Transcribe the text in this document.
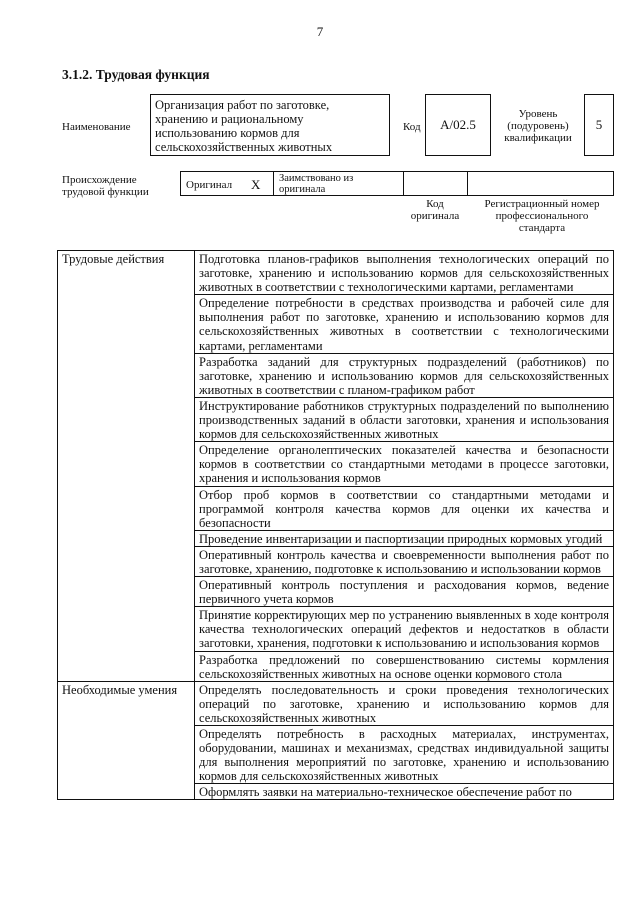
7
3.1.2. Трудовая функция
Наименование
Организация работ по заготовке, хранению и рациональному использованию кормов для сельскохозяйственных животных
Код A/02.5
Уровень (подуровень) квалификации
5
Происхождение трудовой функции
Оригинал X Заимствовано из оригинала
Код оригинала
Регистрационный номер профессионального стандарта
Трудовые действия	Подготовка планов-графиков выполнения технологических операций по заготовке, хранению и использованию кормов для сельскохозяйственных животных в соответствии с технологическими картами, регламентами
	Определение потребности в средствах производства и рабочей силе для выполнения работ по заготовке, хранению и использованию кормов для сельскохозяйственных животных в соответствии с технологическими картами, регламентами
	Разработка заданий для структурных подразделений (работников) по заготовке, хранению и использованию кормов для сельскохозяйственных животных в соответствии с планом-графиком работ
	Инструктирование работников структурных подразделений по выполнению производственных заданий в области заготовки, хранения и использования кормов для сельскохозяйственных животных
	Определение органолептических показателей качества и безопасности кормов в соответствии со стандартными методами в процессе заготовки, хранения и использования кормов
	Отбор проб кормов в соответствии со стандартными методами и программой контроля качества кормов для оценки их качества и безопасности
	Проведение инвентаризации и паспортизации природных кормовых угодий
	Оперативный контроль качества и своевременности выполнения работ по заготовке, хранению, подготовке к использованию и использовании кормов
	Оперативный контроль поступления и расходования кормов, ведение первичного учета кормов
	Принятие корректирующих мер по устранению выявленных в ходе контроля качества технологических операций дефектов и недостатков в области заготовки, хранения, подготовки к использованию и использования кормов
	Разработка предложений по совершенствованию системы кормления сельскохозяйственных животных на основе оценки кормового стола
Необходимые умения	Определять последовательность и сроки проведения технологических операций по заготовке, хранению и использованию кормов для сельскохозяйственных животных
	Определять потребность в расходных материалах, инструментах, оборудовании, машинах и механизмах, средствах индивидуальной защиты для выполнения мероприятий по заготовке, хранению и использованию кормов для сельскохозяйственных животных
	Оформлять заявки на материально-техническое обеспечение работ по
